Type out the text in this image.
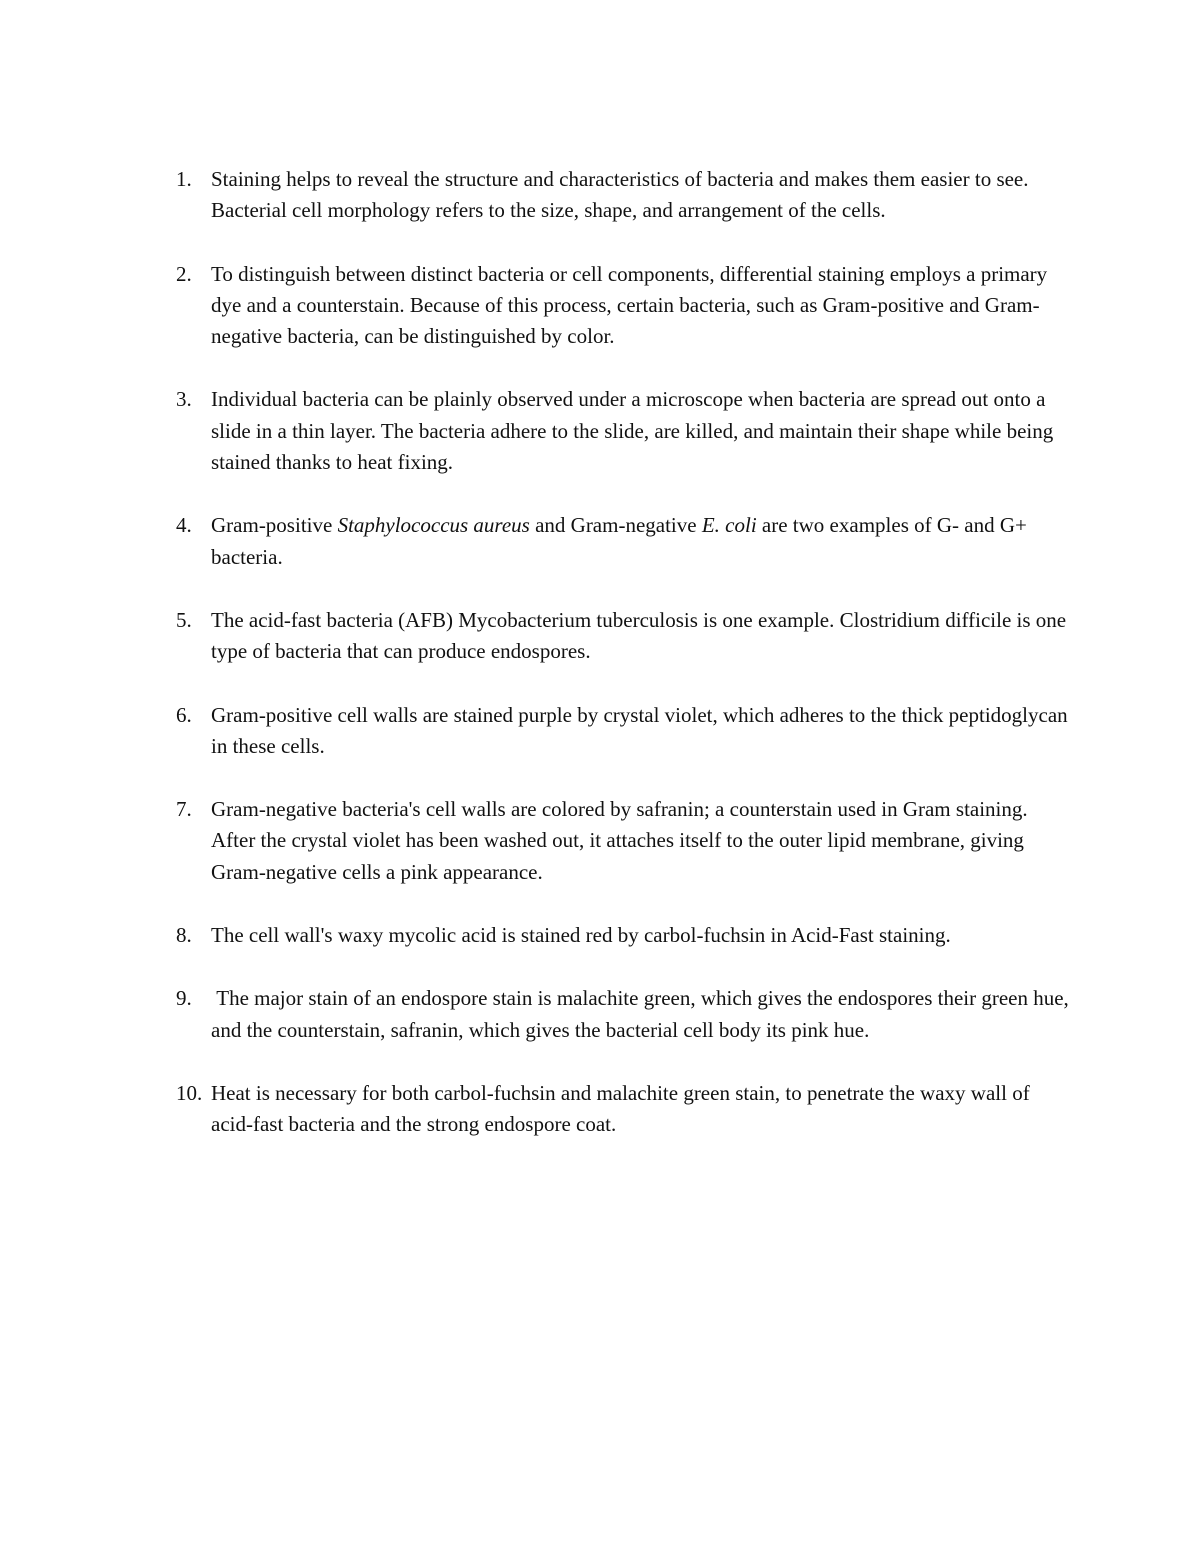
1. Staining helps to reveal the structure and characteristics of bacteria and makes them easier to see. Bacterial cell morphology refers to the size, shape, and arrangement of the cells.
2. To distinguish between distinct bacteria or cell components, differential staining employs a primary dye and a counterstain. Because of this process, certain bacteria, such as Gram-positive and Gram-negative bacteria, can be distinguished by color.
3. Individual bacteria can be plainly observed under a microscope when bacteria are spread out onto a slide in a thin layer. The bacteria adhere to the slide, are killed, and maintain their shape while being stained thanks to heat fixing.
4. Gram-positive Staphylococcus aureus and Gram-negative E. coli are two examples of G- and G+ bacteria.
5. The acid-fast bacteria (AFB) Mycobacterium tuberculosis is one example. Clostridium difficile is one type of bacteria that can produce endospores.
6. Gram-positive cell walls are stained purple by crystal violet, which adheres to the thick peptidoglycan in these cells.
7. Gram-negative bacteria's cell walls are colored by safranin; a counterstain used in Gram staining. After the crystal violet has been washed out, it attaches itself to the outer lipid membrane, giving Gram-negative cells a pink appearance.
8. The cell wall's waxy mycolic acid is stained red by carbol-fuchsin in Acid-Fast staining.
9. The major stain of an endospore stain is malachite green, which gives the endospores their green hue, and the counterstain, safranin, which gives the bacterial cell body its pink hue.
10. Heat is necessary for both carbol-fuchsin and malachite green stain, to penetrate the waxy wall of acid-fast bacteria and the strong endospore coat.
